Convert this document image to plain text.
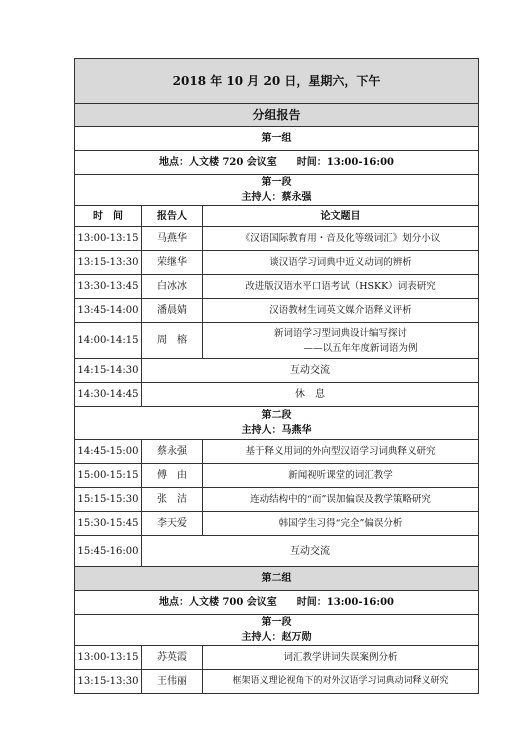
2018 年 10 月 20 日，星期六，下午		
分组报告		
第一组		
地点：人文楼 720 会议室　　时间：13:00-16:00		

第一段
主持人：蔡永强		

时　间	报告人	论文题目
13:00-13:15	马燕华	《汉语国际教育用・音及化等级词汇》划分小议
13:15-13:30	荣继华	谈汉语学习词典中近义动词的辨析
13:30-13:45	白冰冰	改进版汉语水平口语考试（HSKK）词表研究
13:45-14:00	潘晨婧	汉语教材生词英文媒介语释义评析
14:00-14:15	周　榕	新词语学习型词典设计编写探讨
——以五年年度新词语为例

14:15-14:30	互动交流	
14:30-14:45	休　息	

第二段
主持人：马燕华		

14:45-15:00	蔡永强	基于释义用词的外向型汉语学习词典释义研究
15:00-15:15	傅　由	新闻视听课堂的词汇教学
15:15-15:30	张　洁	连动结构中的“而”误加偏误及教学策略研究
15:30-15:45	李天爱	韩国学生习得“完全”偏误分析
15:45-16:00	互动交流	
第二组		
地点：人文楼 700 会议室　　时间：13:00-16:00		

第一段
主持人：赵万勋		

13:00-13:15	苏英霞	词汇教学讲词失误案例分析
13:15-13:30	王伟丽	框架语义理论视角下的对外汉语学习词典动词释义研究
